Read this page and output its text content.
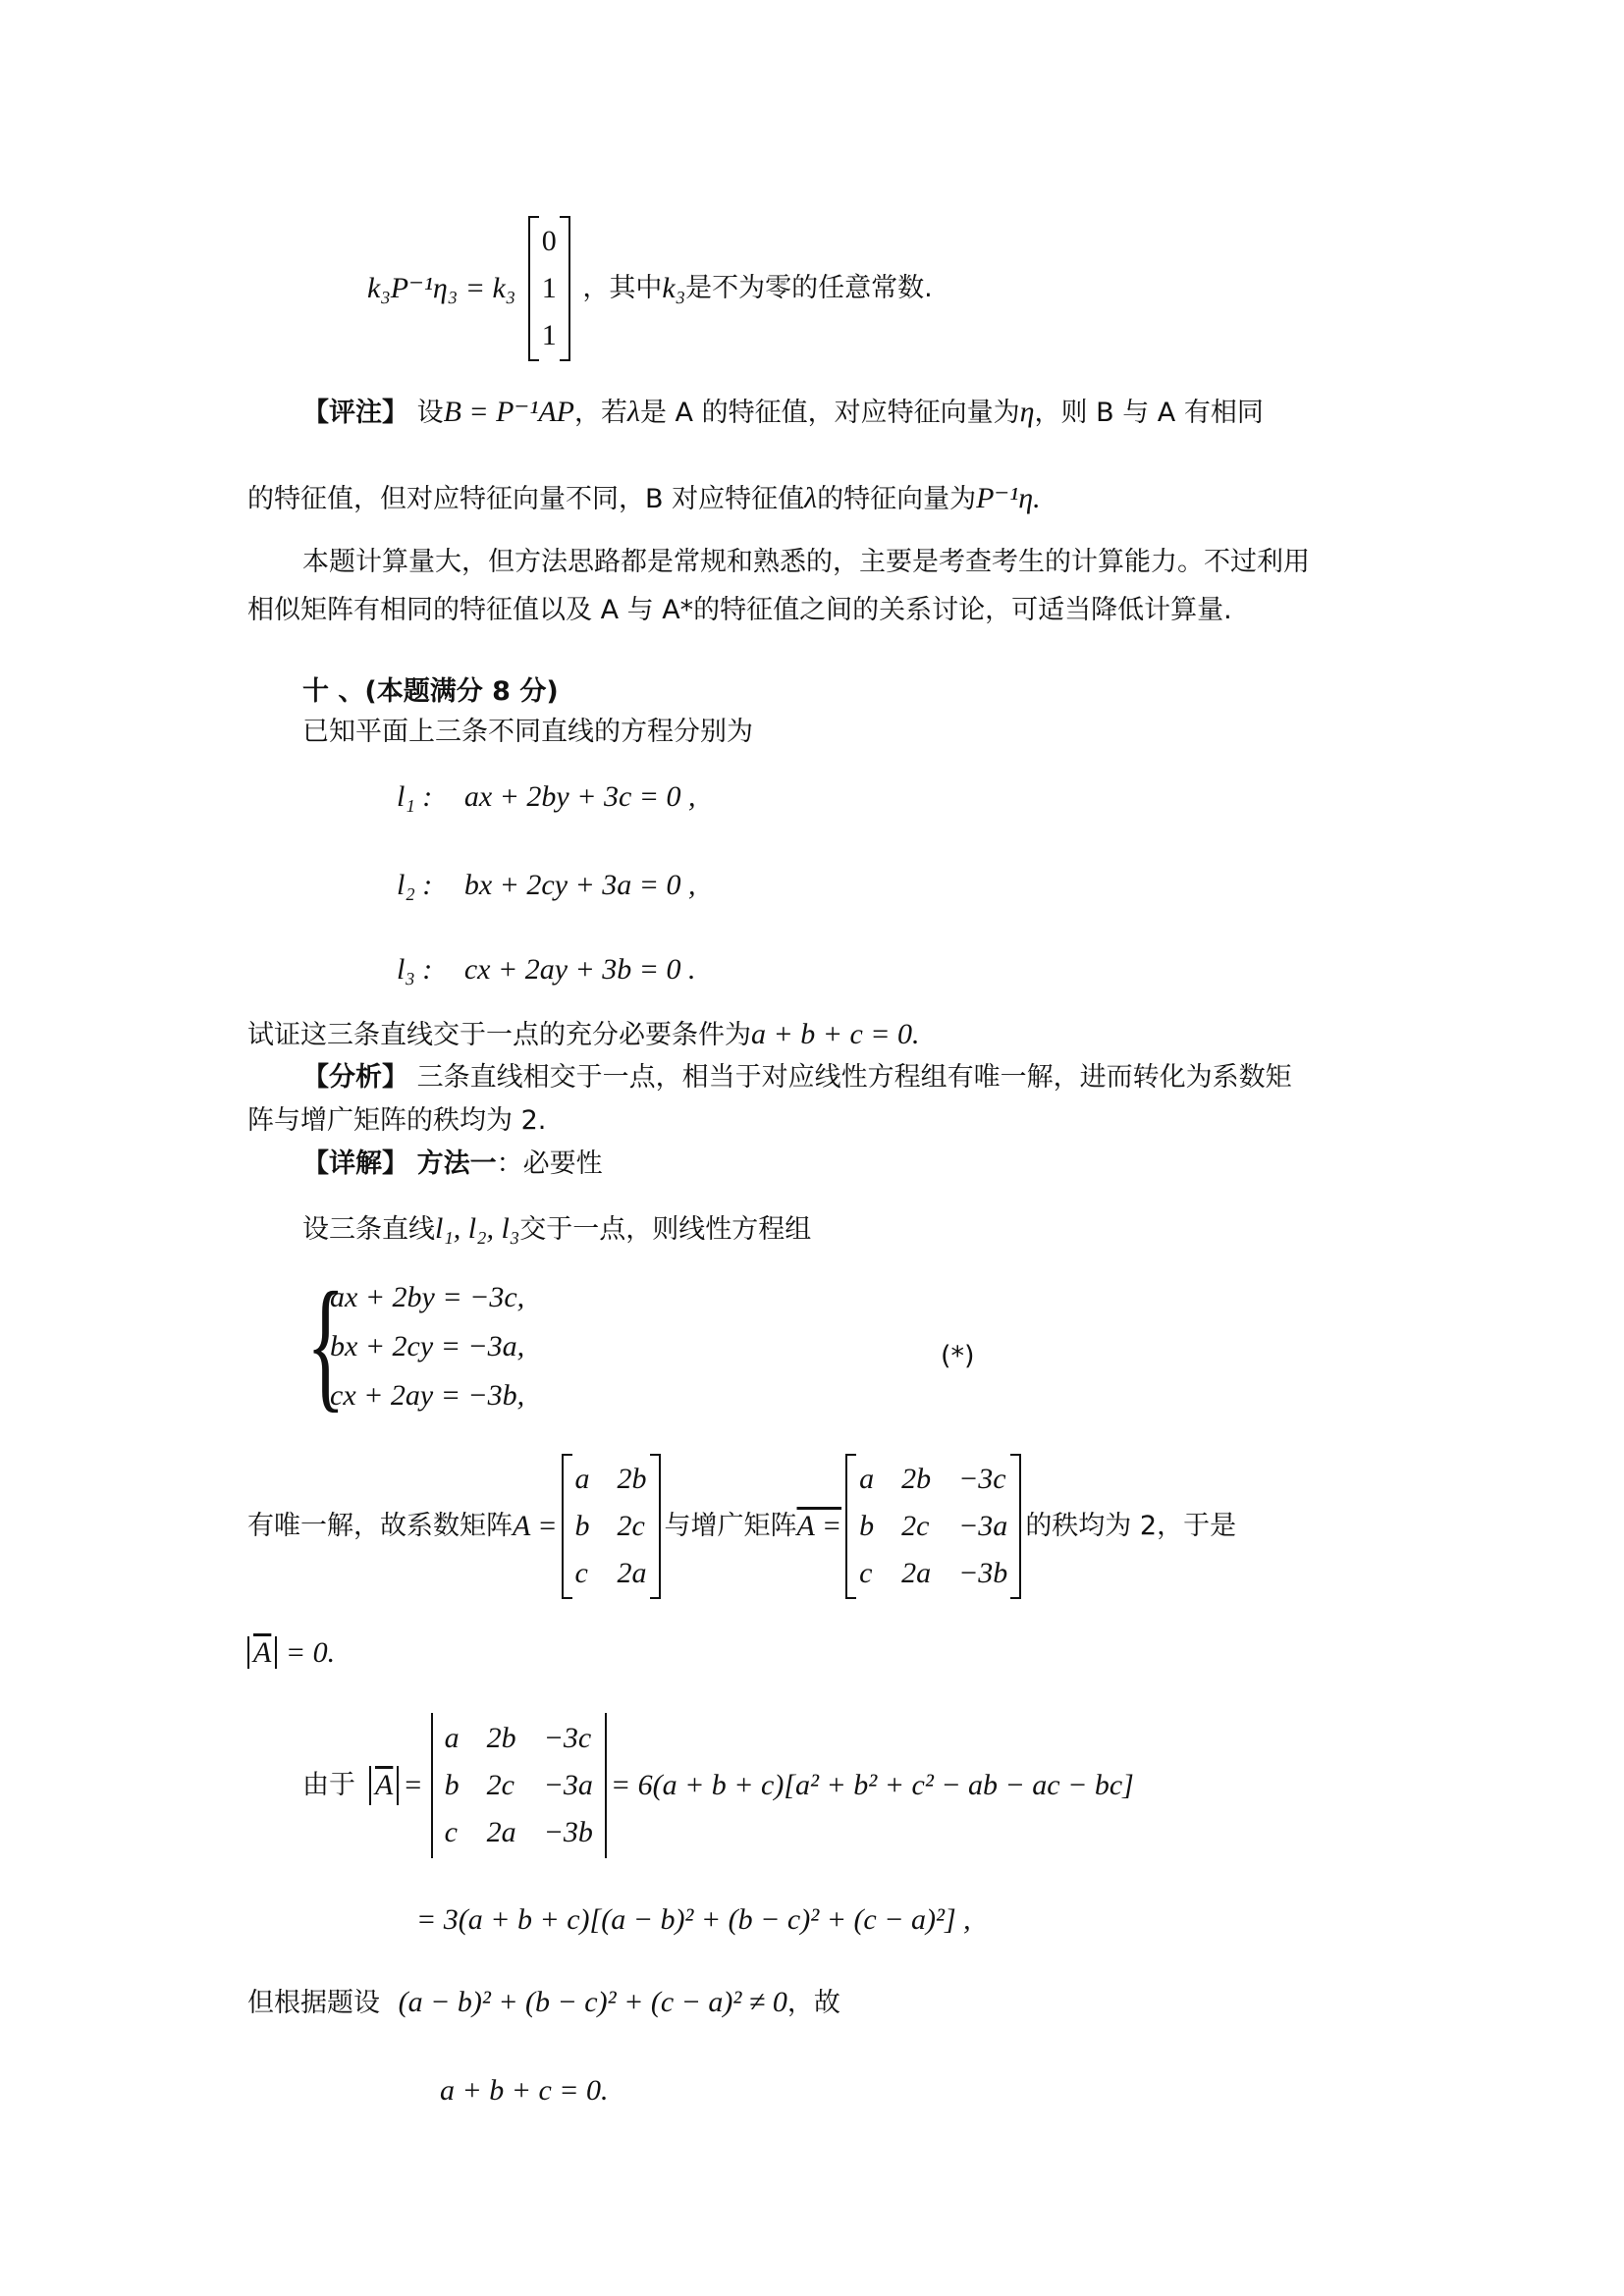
k₃P⁻¹η₃ = k₃
0
1
1
，其中k₃是不为零的任意常数.
【评注】 设B = P⁻¹AP，若λ是 A 的特征值，对应特征向量为η，则 B 与 A 有相同
的特征值，但对应特征向量不同，B 对应特征值λ的特征向量为P⁻¹η.
本题计算量大，但方法思路都是常规和熟悉的，主要是考查考生的计算能力。不过利用
相似矩阵有相同的特征值以及 A 与 A*的特征值之间的关系讨论，可适当降低计算量.
十 、(本题满分 8 分)
已知平面上三条不同直线的方程分别为
l₁ : ax + 2by + 3c = 0 ,
l₂ : bx + 2cy + 3a = 0 ,
l₃ : cx + 2ay + 3b = 0 .
试证这三条直线交于一点的充分必要条件为a + b + c = 0.
【分析】 三条直线相交于一点，相当于对应线性方程组有唯一解，进而转化为系数矩
阵与增广矩阵的秩均为 2.
【详解】 方法一：必要性
设三条直线l₁, l₂, l₃交于一点，则线性方程组
{
ax + 2by = −3c,
bx + 2cy = −3a,
cx + 2ay = −3b,
(*)
有唯一解，故系数矩阵 A =
a 2b
b 2c
c 2a
与增广矩阵 A =
a 2b −3c
b 2c −3a
c 2a −3b
的秩均为 2，于是
$\overline{A} = 0$.
由于 $\overline{A}$ =
a 2b −3c
b 2c −3a
c 2a −3b
= 6(a + b + c)[a² + b² + c² − ab − ac − bc]
= 3(a + b + c)[(a − b)² + (b − c)² + (c − a)²] ,
但根据题设 (a − b)² + (b − c)² + (c − a)² ≠ 0，故
a + b + c = 0.
